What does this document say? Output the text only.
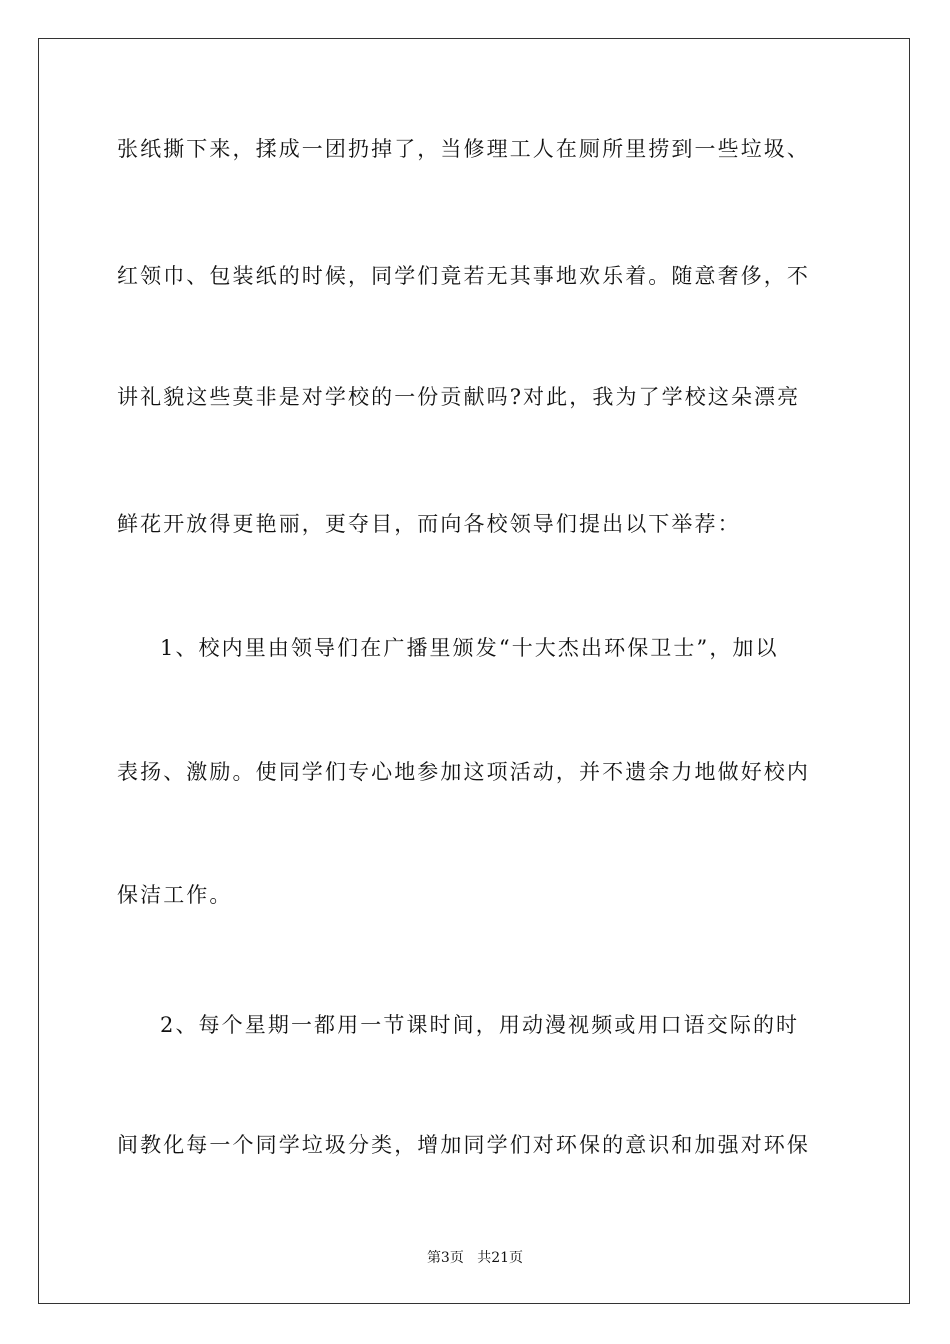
张纸撕下来，揉成一团扔掉了，当修理工人在厕所里捞到一些垃圾、
红领巾、包装纸的时候，同学们竟若无其事地欢乐着。随意奢侈，不
讲礼貌这些莫非是对学校的一份贡献吗?对此，我为了学校这朵漂亮
鲜花开放得更艳丽，更夺目，而向各校领导们提出以下举荐：
1、校内里由领导们在广播里颁发“十大杰出环保卫士”，加以
表扬、激励。使同学们专心地参加这项活动，并不遗余力地做好校内
保洁工作。
2、每个星期一都用一节课时间，用动漫视频或用口语交际的时
间教化每一个同学垃圾分类，增加同学们对环保的意识和加强对环保
第3页 共21页
